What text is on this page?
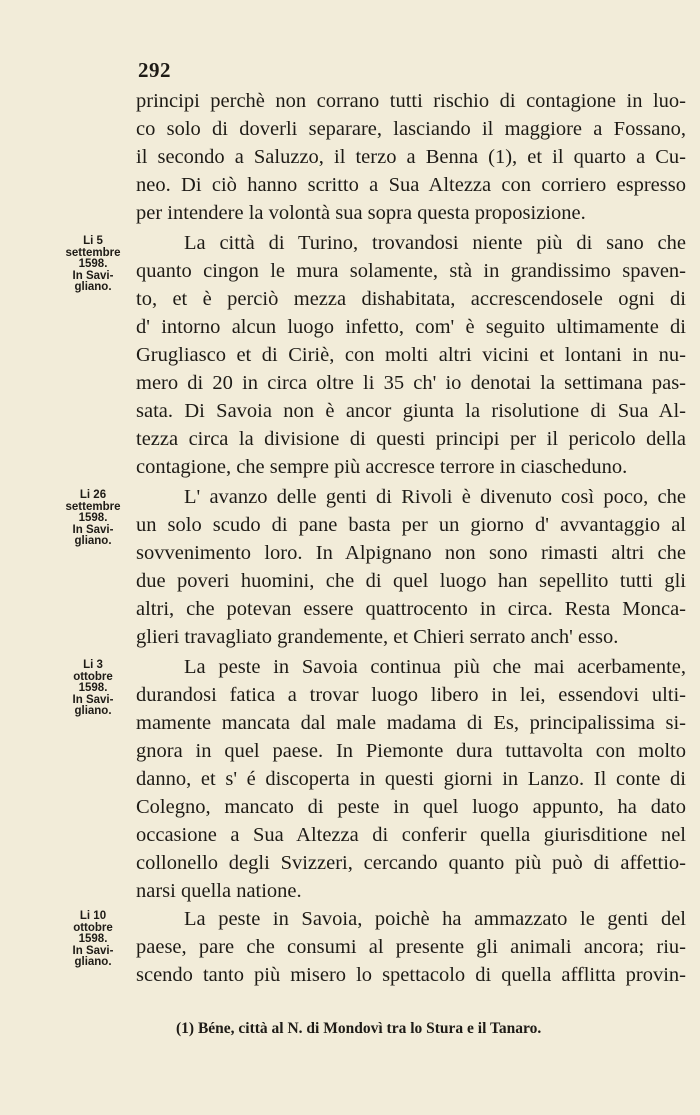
292
principi perchè non corrano tutti rischio di contagione in luo-
co solo di doverli separare, lasciando il maggiore a Fossano,
il secondo a Saluzzo, il terzo a Benna (1), et il quarto a Cu-
neo. Di ciò hanno scritto a Sua Altezza con corriero espresso
per intendere la volontà sua sopra questa proposizione.
La città di Turino, trovandosi niente più di sano che
quanto cingon le mura solamente, stà in grandissimo spaven-
to, et è perciò mezza dishabitata, accrescendosele ogni di
d' intorno alcun luogo infetto, com' è seguito ultimamente di
Grugliasco et di Ciriè, con molti altri vicini et lontani in nu-
mero di 20 in circa oltre li 35 ch' io denotai la settimana pas-
sata. Di Savoia non è ancor giunta la risolutione di Sua Al-
tezza circa la divisione di questi principi per il pericolo della
contagione, che sempre più accresce terrore in ciascheduno.
L' avanzo delle genti di Rivoli è divenuto così poco, che
un solo scudo di pane basta per un giorno d' avvantaggio al
sovvenimento loro. In Alpignano non sono rimasti altri che
due poveri huomini, che di quel luogo han sepellito tutti gli
altri, che potevan essere quattrocento in circa. Resta Monca-
glieri travagliato grandemente, et Chieri serrato anch' esso.
La peste in Savoia continua più che mai acerbamente,
durandosi fatica a trovar luogo libero in lei, essendovi ulti-
mamente mancata dal male madama di Es, principalissima si-
gnora in quel paese. In Piemonte dura tuttavolta con molto
danno, et s' é discoperta in questi giorni in Lanzo. Il conte di
Colegno, mancato di peste in quel luogo appunto, ha dato
occasione a Sua Altezza di conferir quella giurisditione nel
collonello degli Svizzeri, cercando quanto più può di affettio-
narsi quella natione.
La peste in Savoia, poichè ha ammazzato le genti del
paese, pare che consumi al presente gli animali ancora; riu-
scendo tanto più misero lo spettacolo di quella afflitta provin-
Li 5
settembre
1598.
In Savi-
gliano.
Li 26
settembre
1598.
In Savi-
gliano.
Li 3
ottobre
1598.
In Savi-
gliano.
Li 10
ottobre
1598.
In Savi-
gliano.
(1) Béne, città al N. di Mondovì tra lo Stura e il Tanaro.
